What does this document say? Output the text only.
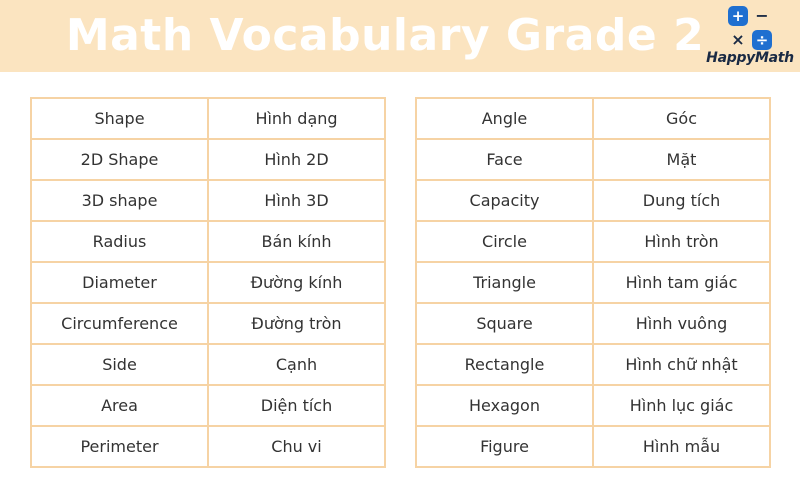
Math Vocabulary Grade 2	+ −
× ÷
HappyMath
Shape	Hình dạng
2D Shape	Hình 2D
3D shape	Hình 3D
Radius	Bán kính
Diameter	Đường kính
Circumference	Đường tròn
Side	Cạnh
Area	Diện tích
Perimeter	Chu vi
Angle	Góc
Face	Mặt
Capacity	Dung tích
Circle	Hình tròn
Triangle	Hình tam giác
Square	Hình vuông
Rectangle	Hình chữ nhật
Hexagon	Hình lục giác
Figure	Hình mẫu
